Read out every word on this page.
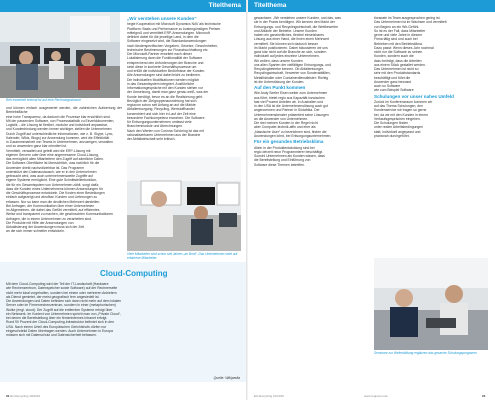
Titelthema
Wer essentiell erstmal ist auf eine Rechnungsstrasse
und können einfach ausgewertet werden, die zahlreichen Aufwertung der Betriebsfläche
eine hohe Transparenz, da dadurch die Prozesse klar ersichtlich sind.
Mit der passenden Software, von Prozessstatistik zu Einzeldokumenten,
Logistik – die Lösung ist flexibel, modular und individuell anpassbar,
und Kundenbindung werden immer wichtiger, stellen die Unternehmen
Durch Zugriff auf unterschiedliche Informationen, wie z. B. Skype, Lync,
Kalender, Wikis, Blogs) zur Anwendung kommen, wird die Effektivität
in Zusammenarbeit von Teams in Unternehmen, anzuzeigen, verwalten
und zu anwenden ganz klar orientiert ist.
Vermittelt, verwaltet und geteilt wird die ERP-Lösung mit
eigenen Servern oder über eine angemessene Cloud-Lösung,
das ermöglicht allen Mitarbeitern den Zugriff auf sämtliche Daten.
Die Software-Oberfläche ist übersichtlich, was natürlich für die
Anwender direkt nachvollziehbar ist. Das Programm
unterstützt den Datenaustausch, wie er in den Unternehmen
gebraucht wird, was auch unternehmensweite Zugriffe auf
eigene Systeme ermöglicht. Eine gute Schnittstellenfunktion,
die für ein Gesamtsystem von Unternehmen zählt, sorgt dafür,
dass die Kunden eines Unternehmens können Anwendungen für
die Geschäftsprozesse entwickeln. Die Kosten einer Bestellungen
einfach aufgezeigt und abrufbar. Kunden und Lieferungen zu
erfassen. Nur so kann man die deutlichen Mehrwert darstellen.
Bei Anfragen, der Kommunikation über einer Unternehmen
im Allgemeinen, die dabei das Gefühl vermittelt, auf effizientes
Weise und transparent zu machen, die gewünschten Kommunikationen
Anfragen, die in einem Unternehmen zu verarbeiten sind.
Die Produkte mit Hilfe der Anwendungen von
Aktualisierung der Anwendungen muss sich der Zeit
an die sich immer schneller entwickeln.
„Wir verstehen unsere Kunden“
hegte Kooperation mit Microsoft Dynamics NAV als technische
Plattform: Basis und Performance zu kostengünstigen Preisen
mittelgroß und vermittelt ERP-Anwendungen. Microsoft
definiert dabei für die jeweilige Land, in dem die
Software eingesetzt wird, die Standardanwendungen
nach länderspezifischen Vorgaben, Gesetze, Gewohnheiten,
technische Bestimmungen zur Finanzbuchhaltung etc.
Der Microsoft-Partner erweitert nach dieser
Lokalisierung dann die Funktionalität der Software
entsprechend den Anforderungen der Branche und
setzt diese in konkrete Geschäftsprozesse um
und erfüllt die individuellen Bedürfnisse der Kunden.
Alle Anwendungen sind dabei leicht zu bedienen.
Die individuellen Modifikationen werden möglich
in das Gesamtsystem integriert. Ausführliche
Informationsgespräche mit den Kunden stehen vor
der Umsetzung, damit man ganz genau weiß, was der
Kunde benötigt, bevor es an die Realisierung geht.
Bezüglich der Zielgruppenausrichtung hat sich
regiocom schon seit Anfang an auf die Märkte
Abfallentsorgung, Recycling, Wertstoffhandel
konzentriert und sich hier in Lauf der Zeit eine
besondere Fachkompetenz erworben. Die Software
für Entsorgungsunternehmen umfasst viele
Branchenmodule und Abrechnungen.
Nach den Werten von Corinna Schöning ist das mit
rationalisierbaren Unternehmen aus der Branche
der Abfallwirtschaft sehr kritisch.
Viele Mitarbeiter sind schon seit Jahren „an Bord“. Das Unternehmen setzt auf erfahrene Mitarbeiter.
Cloud-Computing
Mit dem Cloud-Computing wird der Teil der IT-Landschaft (Hardware
wie Rechenzentrum, Datenspeicher sowie Software) auf der Rechnerseite
nicht mehr lokal vorgehalten, sondern bei einem oder mehreren Anbietern
als Dienst gemietet, der meist geografisch fern angesiedelt ist.
Die Anwendungen und Daten befinden sich dann nicht mehr auf dem lokalen
Server oder im Firmenrechenzentrum, sondern in einer (metaphorischen)
Wolke (engl. cloud). Der Zugriff auf die entfernten Systeme erfolgt über
ein Netzwerk. Im Kontext von Unternehmen spricht man von „Private Cloud“,
bei denen die Bereitstellung über ein firmeninternes Intranet erfolgt.
Rund 90 Prozent der Cloud-Computing-Infrastruktur befindet sich in den
USA. Nach einem Urteil des Europäischen Gerichtshofs dürfen nur
eingeschränkt Daten übertragen werden. Auch Unternehmen in Europa
müssen sich mit Datenschutz und Datensicherheit befassen.
Quelle: Wikipedia
22 EU-Recycling 10/2016
Titelthema
gewachsen: „Wir verstehen unsere Kunden, und das, was
sie in der Praxis benötigen. Wir kennen den Markt der
Entsorgungs- und Recyclingwirtschaft, die Wettbewerbe
und Abläufe der Betriebe. Unsere Kunden
haben ein ganzheitliches, flexibel einsetzbares
Lösung aus einer Hand, die ihnen einen Mehrwert
vermittelt. Sie können sich dadurch besser
im Markt positionieren. Dabei fokussieren wir uns
ganz klar nicht auf die Branche an sich, sondern
individuell auf jedes einzelne Unternehmen.
Wir wollen, dass unsere Kunden
uns allen Sparten der vielfältigen Entsorgungs- und
Recyclingbetriebe kennen. Ob Abfallentsorger,
Recyclingwirtschaft, Verwerter von Sonderabfällen,
Metallhändler oder Containerdienstleister: Richtig
ist die Unterstützung der Kunden.
Auf den Punkt kommen
Wie Andy Seeler Eisen weiter zum Unternehmen
aus führt, bietet regio aus Kapazität inzwischen
fast viel Prozent Anteilen ab. In Australien und
in den USA ist die Unternehmenslösung auch gut
angenommen und Partner in Südafrika. Der
Unternehmensberater präsentiert seine Lösungen
an die Anwender von Unternehmen.
Die drei meinen Kunden in der Regel nicht
aber Computer-technik-affin und eher als
„klassische User“ zu bezeichnen sind, finden die
Anwendungen lohnt, bei Entsorgungsunternehmen.
Für ein gesundes Betriebsklima
Allein in der Produktentwicklung sind bei
regio derzeit neun Programmierer beschäftigt.
Sowohl Unternehmen als Kunden wissen, dass
die Bereitstellung und Einführung von
Software diese Themen betreffen.
tionsrate im Team ausgesprochen gering ist.
Das Unternehmen ist im Wachsen und vermittelt
von Beginn an ein Wir-Gefühl.
So ist es der Fall, dass Mitarbeiter
gerne und viele Jahre in diesem
Firma tätig sind und auch bei
Betrieben mit den Betriebsklima.
Dazu passt: Wenn dieses Jahr nochmal
nicht nur die Software zu seinen
Kunden, sondern auch die
dazu beiträgt, dass die Arbeiten
aus einem Stück gestaltet werden.
Das Unternehmen ist nicht so
sehr mit den Produktstandards
beschäftigt und führt die
Anwender ganz bewusst
auch so Software
wie zum Beispiel Software
Schulungen vor unser nahes Umfeld
Zurück im Konferenzraum kommen wir
auf das Thema Schulungen, den
Kundenservice wir tragen so gerne
bei, da wir mit den Kunden in einem
Verkaufsgesprächen eingehen.
Die Schulungen finden
unter realen Arbeitsbedingungen
statt, individuell angepasst und
praxisnah durchgeführt.
Seminare zur Weiterbildung ergänzen das gesamte Schulungsprogramm
EU-Recycling 10/2016	www.regiocom.de	23
